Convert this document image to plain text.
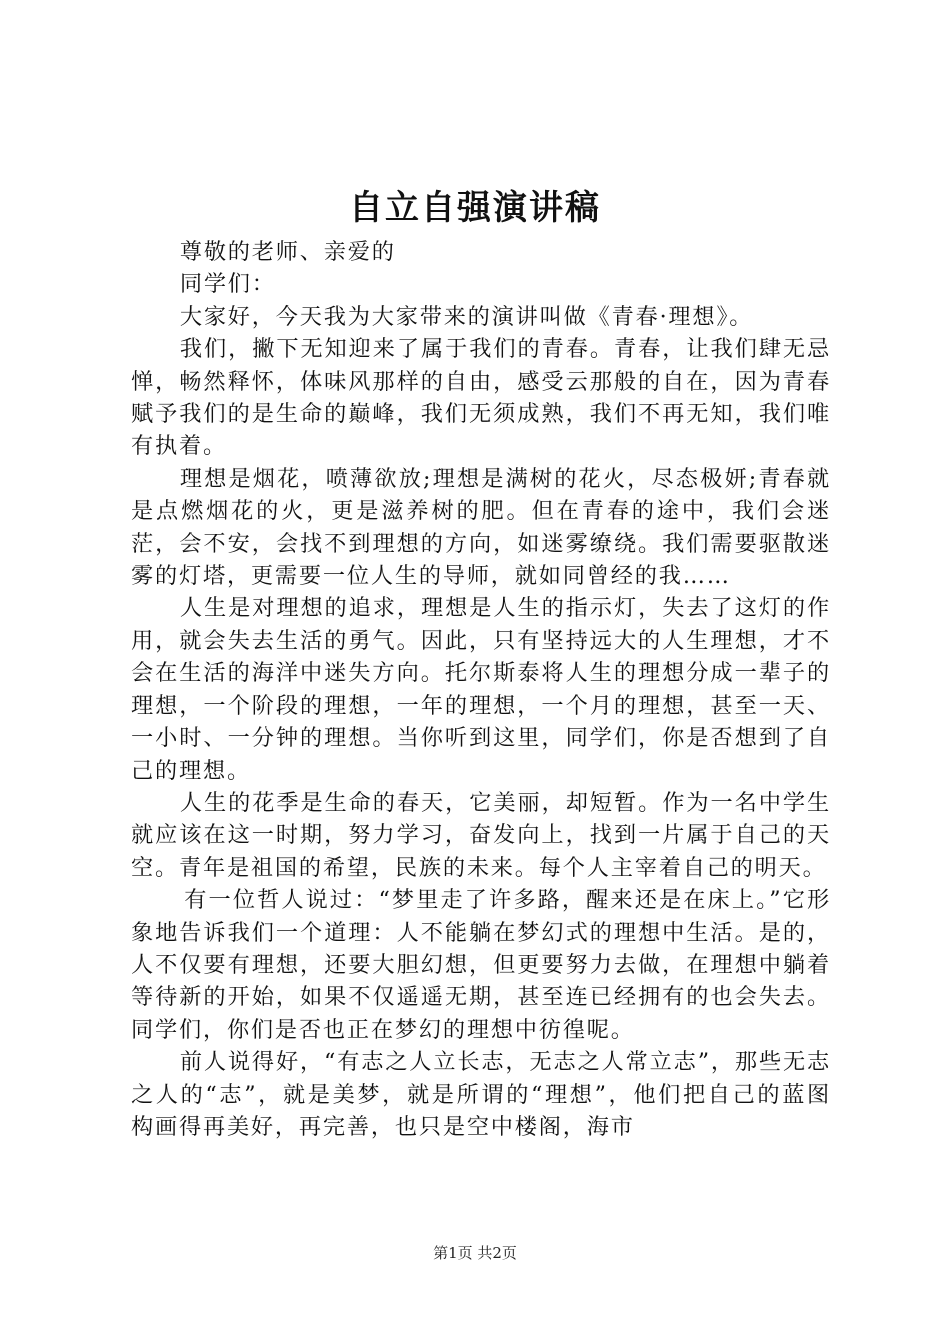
自立自强演讲稿

尊敬的老师、亲爱的

同学们：

大家好，今天我为大家带来的演讲叫做《青春·理想》。

我们，撇下无知迎来了属于我们的青春。青春，让我们肆无忌惮，畅然释怀，体味风那样的自由，感受云那般的自在，因为青春赋予我们的是生命的巅峰，我们无须成熟，我们不再无知，我们唯有执着。

理想是烟花，喷薄欲放;理想是满树的花火，尽态极妍;青春就是点燃烟花的火，更是滋养树的肥。但在青春的途中，我们会迷茫，会不安，会找不到理想的方向，如迷雾缭绕。我们需要驱散迷雾的灯塔，更需要一位人生的导师，就如同曾经的我……

人生是对理想的追求，理想是人生的指示灯，失去了这灯的作用，就会失去生活的勇气。因此，只有坚持远大的人生理想，才不会在生活的海洋中迷失方向。托尔斯泰将人生的理想分成一辈子的理想，一个阶段的理想，一年的理想，一个月的理想，甚至一天、一小时、一分钟的理想。当你听到这里，同学们，你是否想到了自己的理想。

人生的花季是生命的春天，它美丽，却短暂。作为一名中学生就应该在这一时期，努力学习，奋发向上，找到一片属于自己的天空。青年是祖国的希望，民族的未来。每个人主宰着自己的明天。

有一位哲人说过：“梦里走了许多路，醒来还是在床上。”它形象地告诉我们一个道理：人不能躺在梦幻式的理想中生活。是的，人不仅要有理想，还要大胆幻想，但更要努力去做，在理想中躺着等待新的开始，如果不仅遥遥无期，甚至连已经拥有的也会失去。同学们，你们是否也正在梦幻的理想中彷徨呢。

前人说得好，“有志之人立长志，无志之人常立志”，那些无志之人的“志”，就是美梦，就是所谓的“理想”，他们把自己的蓝图构画得再美好，再完善，也只是空中楼阁，海市

第1页 共2页
